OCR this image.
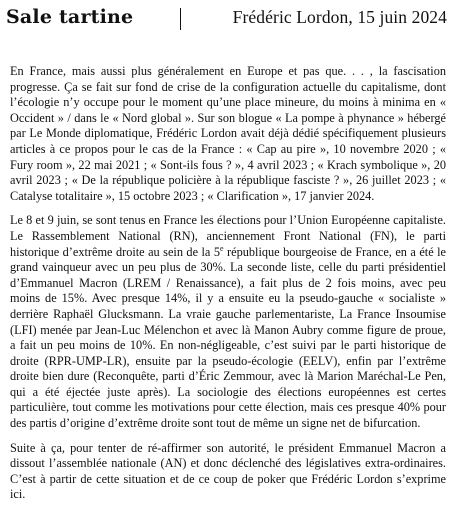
Sale tartine	Frédéric Lordon, 15 juin 2024

En France, mais aussi plus généralement en Europe et pas que. . . , la fascisation progresse. Ça se fait sur fond de crise de la configuration actuelle du capitalisme, dont l’écologie n’y occupe pour le moment qu’une place mineure, du moins à minima en « Occident » / dans le « Nord global ». Sur son blogue « La pompe à phynance » hébergé par Le Monde diplomatique, Frédéric Lordon avait déjà dédié spécifiquement plusieurs articles à ce propos pour le cas de la France : « Cap au pire », 10 novembre 2020 ; « Fury room », 22 mai 2021 ; « Sont-ils fous ? », 4 avril 2023 ; « Krach symbolique », 20 avril 2023 ; « De la république policière à la république fasciste ? », 26 juillet 2023 ; « Catalyse totalitaire », 15 octobre 2023 ; « Clarification », 17 janvier 2024.

Le 8 et 9 juin, se sont tenus en France les élections pour l’Union Européenne capitaliste. Le Rassemblement National (RN), anciennement Front National (FN), le parti historique d’extrême droite au sein de la 5e république bourgeoise de France, en a été le grand vainqueur avec un peu plus de 30%. La seconde liste, celle du parti présidentiel d’Emmanuel Macron (LREM / Renaissance), a fait plus de 2 fois moins, avec peu moins de 15%. Avec presque 14%, il y a ensuite eu la pseudo-gauche « socialiste » derrière Raphaël Glucksmann. La vraie gauche parlementariste, La France Insoumise (LFI) menée par Jean-Luc Mélenchon et avec là Manon Aubry comme figure de proue, a fait un peu moins de 10%. En non-négligeable, c’est suivi par le parti historique de droite (RPR-UMP-LR), ensuite par la pseudo-écologie (EELV), enfin par l’extrême droite bien dure (Reconquête, parti d’Éric Zemmour, avec là Marion Maréchal-Le Pen, qui a été éjectée juste après). La sociologie des élections européennes est certes particulière, tout comme les motivations pour cette élection, mais ces presque 40% pour des partis d’origine d’extrême droite sont tout de même un signe net de bifurcation.

Suite à ça, pour tenter de ré-affirmer son autorité, le président Emmanuel Macron a dissout l’assemblée nationale (AN) et donc déclenché des législatives extra-ordinaires. C’est à partir de cette situation et de ce coup de poker que Frédéric Lordon s’exprime ici.
